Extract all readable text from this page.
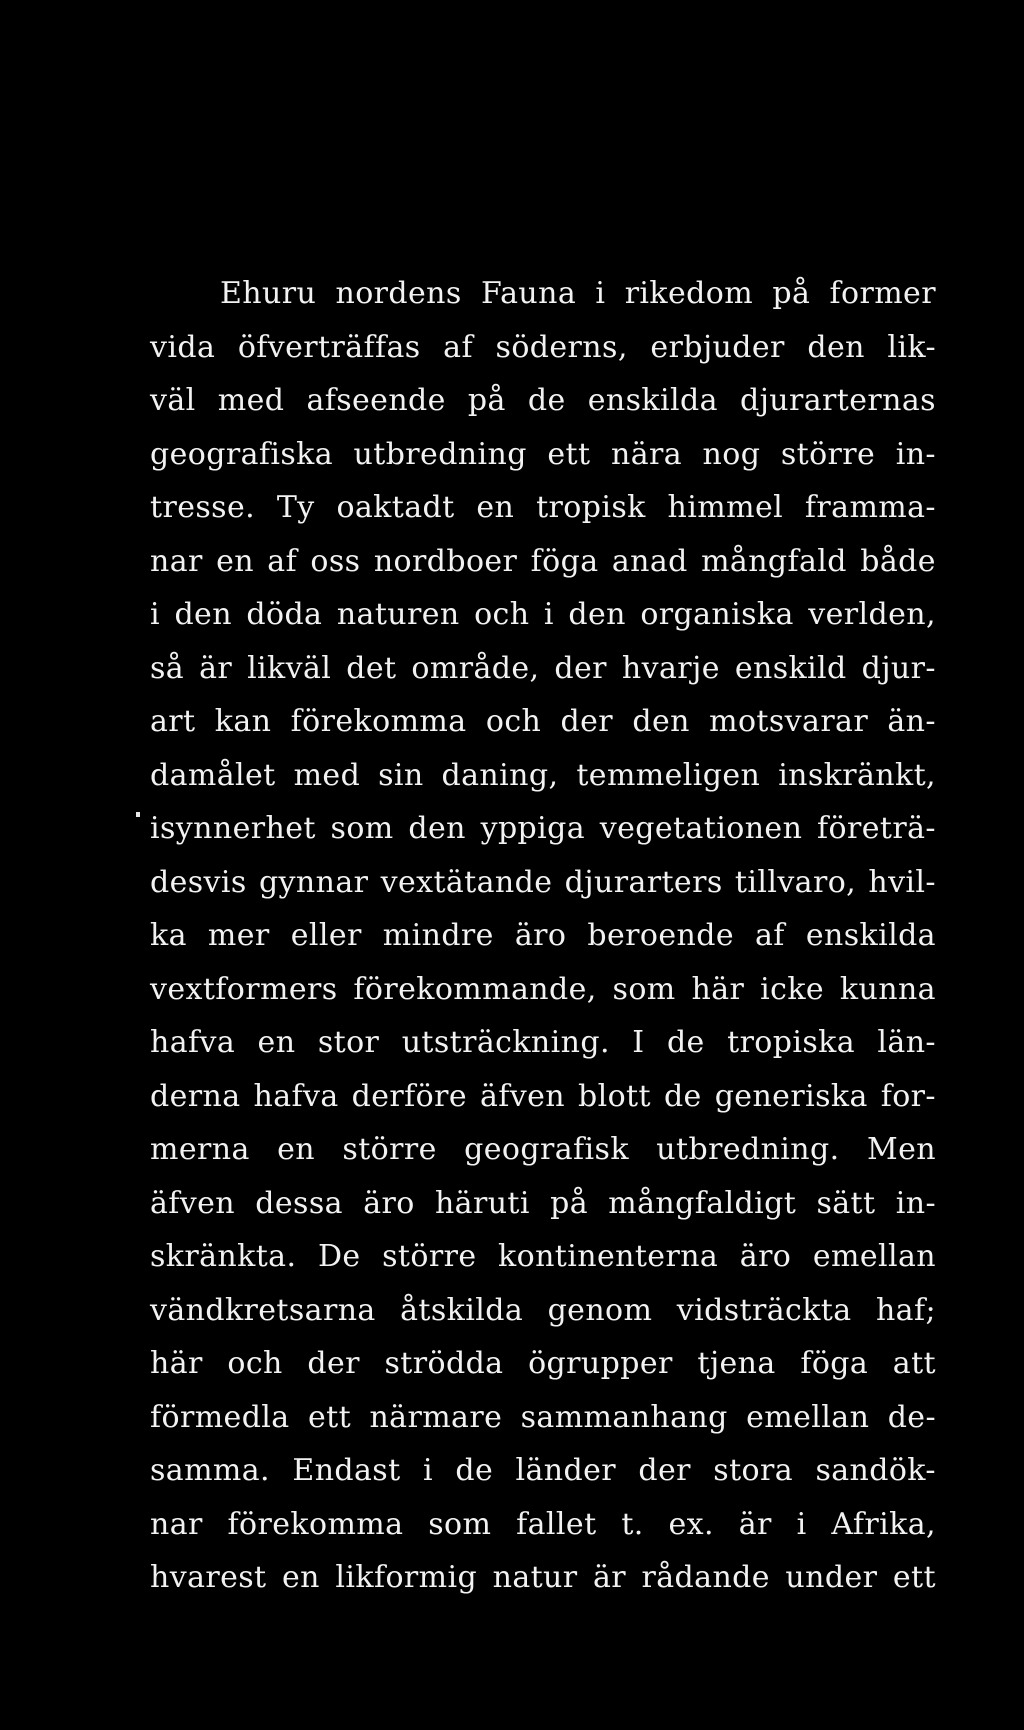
Ehuru nordens Fauna i rikedom på former
vida öfverträffas af söderns, erbjuder den lik-
väl med afseende på de enskilda djurarternas
geografiska utbredning ett nära nog större in-
tresse. Ty oaktadt en tropisk himmel framma-
nar en af oss nordboer föga anad mångfald både
i den döda naturen och i den organiska verlden,
så är likväl det område, der hvarje enskild djur-
art kan förekomma och der den motsvarar än-
damålet med sin daning, temmeligen inskränkt,
isynnerhet som den yppiga vegetationen företrä-
desvis gynnar vextätande djurarters tillvaro, hvil-
ka mer eller mindre äro beroende af enskilda
vextformers förekommande, som här icke kunna
hafva en stor utsträckning. I de tropiska län-
derna hafva derföre äfven blott de generiska for-
merna en större geografisk utbredning. Men
äfven dessa äro häruti på mångfaldigt sätt in-
skränkta. De större kontinenterna äro emellan
vändkretsarna åtskilda genom vidsträckta haf;
här och der strödda ögrupper tjena föga att
förmedla ett närmare sammanhang emellan de-
samma. Endast i de länder der stora sandök-
nar förekomma som fallet t. ex. är i Afrika,
hvarest en likformig natur är rådande under ett
